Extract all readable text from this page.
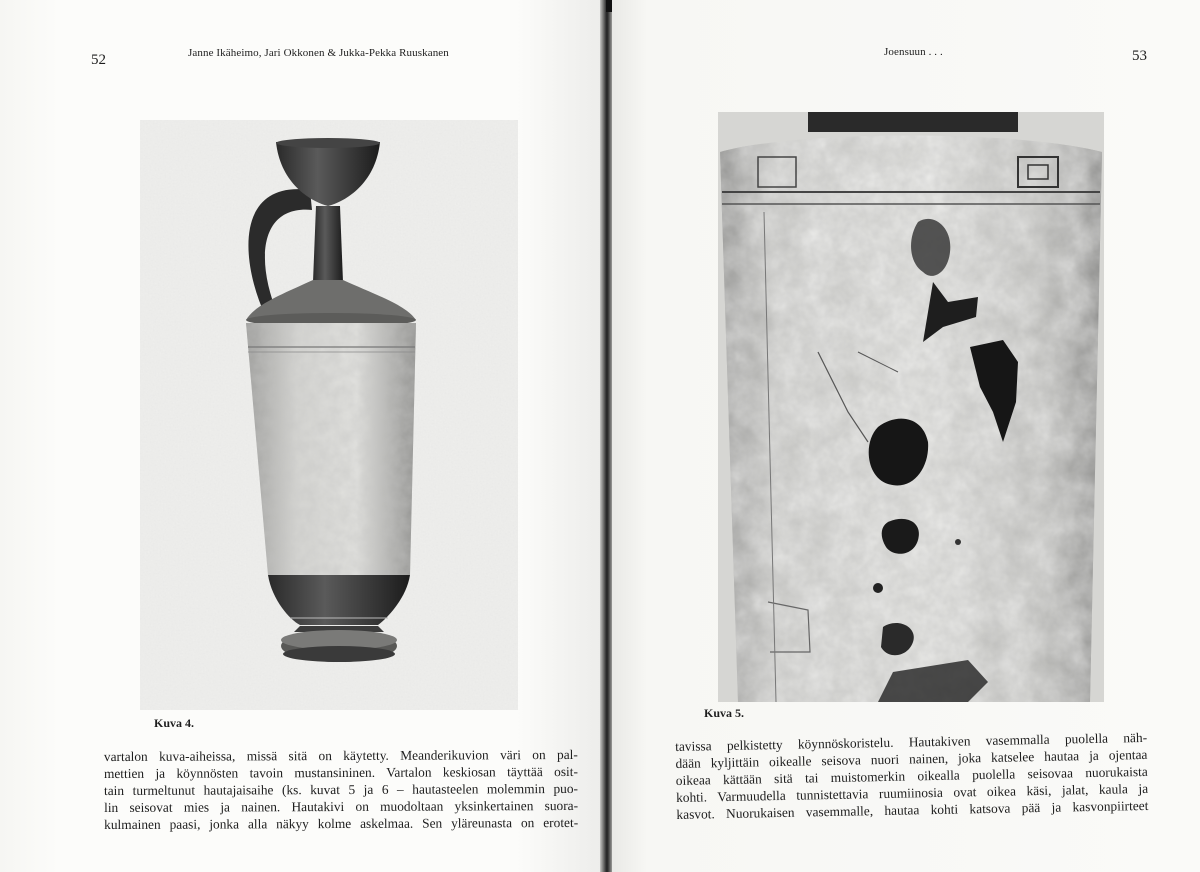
52	Janne Ikäheimo, Jari Okkonen & Jukka-Pekka Ruuskanen
Kuva 4.
vartalon kuva-aiheissa, missä sitä on käytetty. Meanderikuvion väri on pal-
mettien ja köynnösten tavoin mustansininen. Vartalon keskiosan täyttää osit-
tain turmeltunut hautajaisaihe (ks. kuvat 5 ja 6 – hautasteelen molemmin puo-
lin seisovat mies ja nainen. Hautakivi on muodoltaan yksinkertainen suora-
kulmainen paasi, jonka alla näkyy kolme askelmaa. Sen yläreunasta on erotet-
Joensuun . . .	53
Kuva 5.
tavissa pelkistetty köynnöskoristelu. Hautakiven vasemmalla puolella näh-
dään kyljittäin oikealle seisova nuori nainen, joka katselee hautaa ja ojentaa
oikeaa kättään sitä tai muistomerkin oikealla puolella seisovaa nuorukaista
kohti. Varmuudella tunnistettavia ruumiinosia ovat oikea käsi, jalat, kaula ja
kasvot. Nuorukaisen vasemmalle, hautaa kohti katsova pää ja kasvonpiirteet
